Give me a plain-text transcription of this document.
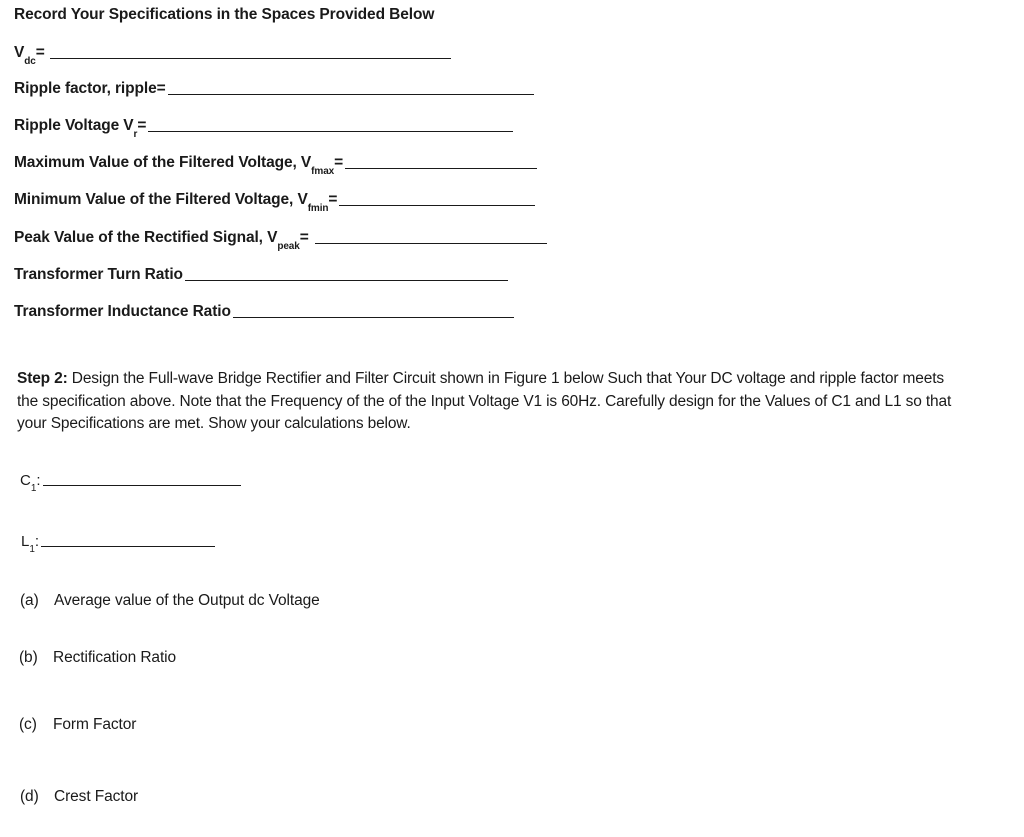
Record Your Specifications in the Spaces Provided Below
V
dc
=
Ripple factor, ripple=
Ripple Voltage V
r
=
Maximum Value of the Filtered Voltage, V
fmax
=
Minimum Value of the Filtered Voltage, V
fmin
=
Peak Value of the Rectified Signal, V
peak
=
Transformer Turn Ratio
Transformer Inductance Ratio
Step 2: Design the Full-wave Bridge Rectifier and Filter Circuit shown in Figure 1 below Such that Your DC voltage and ripple factor meets the specification above. Note that the Frequency of the of the Input Voltage V1 is 60Hz. Carefully design for the Values of C1 and L1 so that your Specifications are met. Show your calculations below.
C 1 :
L 1 :
(a) Average value of the Output dc Voltage
(b) Rectification Ratio
(c) Form Factor
(d) Crest Factor
